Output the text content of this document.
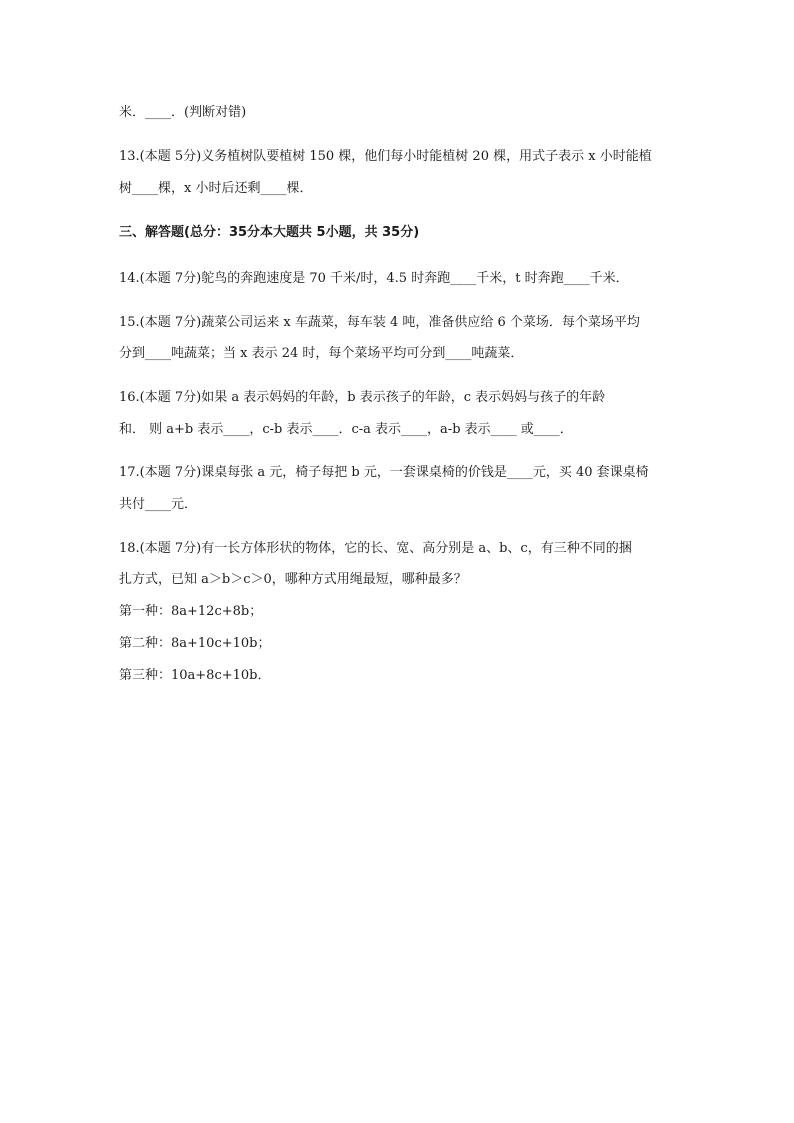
米．____．(判断对错)
13.(本题 5分)义务植树队要植树 150 棵，他们每小时能植树 20 棵，用式子表示 x 小时能植
树____棵，x 小时后还剩____棵．
三、解答题(总分：35分本大题共 5小题，共 35分)
14.(本题 7分)鸵鸟的奔跑速度是 70 千米/时，4.5 时奔跑____千米，t 时奔跑____千米．
15.(本题 7分)蔬菜公司运来 x 车蔬菜，每车装 4 吨，准备供应给 6 个菜场．每个菜场平均
分到____吨蔬菜；当 x 表示 24 时，每个菜场平均可分到____吨蔬菜．
16.(本题 7分)如果 a 表示妈妈的年龄，b 表示孩子的年龄，c 表示妈妈与孩子的年龄
和． 则 a+b 表示____，c-b 表示____．c-a 表示____，a-b 表示____ 或____．
17.(本题 7分)课桌每张 a 元，椅子每把 b 元，一套课桌椅的价钱是____元，买 40 套课桌椅
共付____元．
18.(本题 7分)有一长方体形状的物体，它的长、宽、高分别是 a、b、c，有三种不同的捆
扎方式，已知 a＞b＞c＞0，哪种方式用绳最短，哪种最多？
第一种：8a+12c+8b；
第二种：8a+10c+10b；
第三种：10a+8c+10b．
